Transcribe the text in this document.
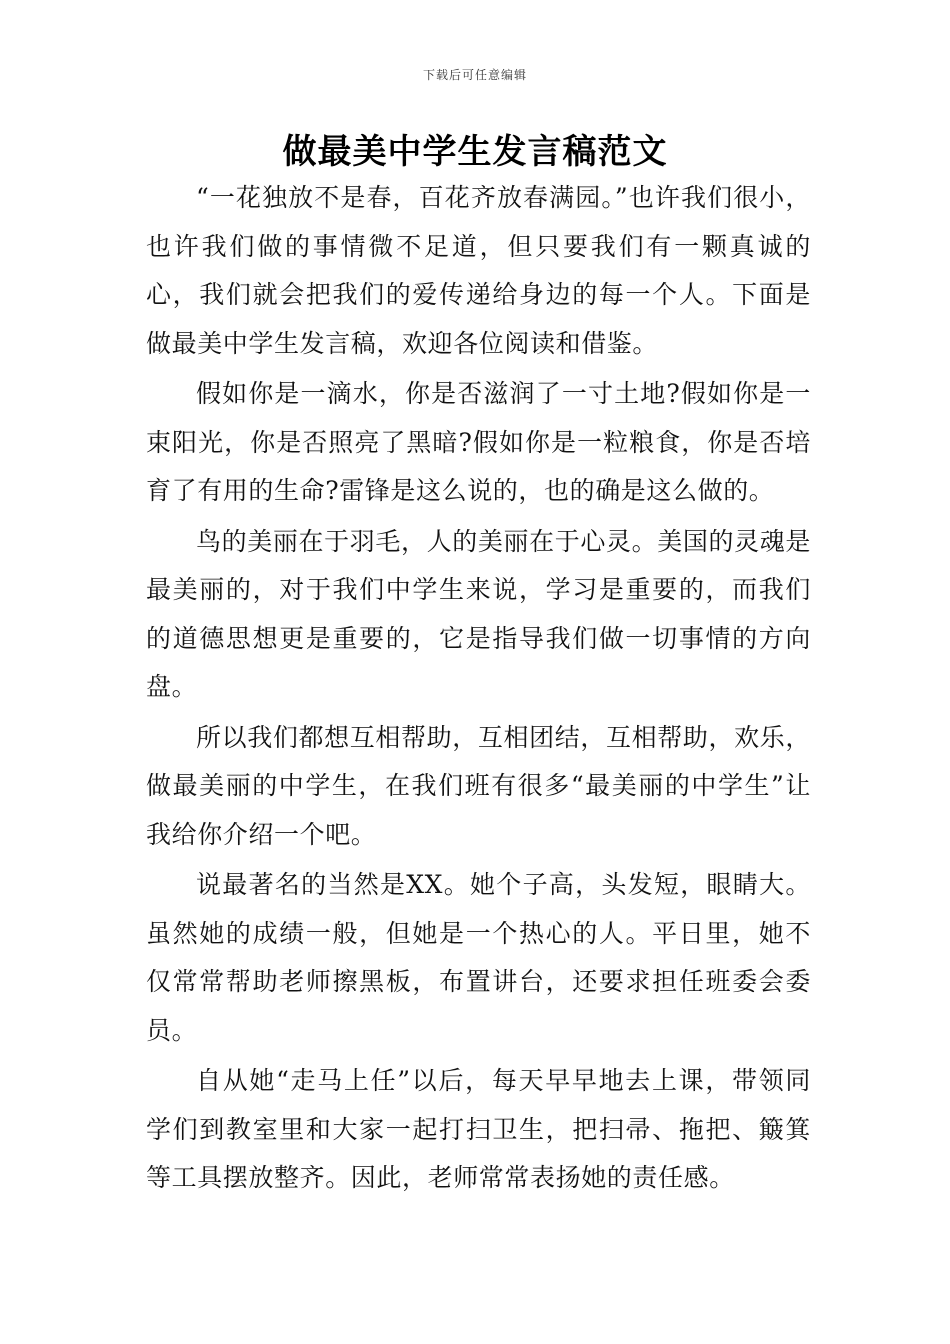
下载后可任意编辑
做最美中学生发言稿范文

“一花独放不是春，百花齐放春满园。”也许我们很小，也许我们做的事情微不足道，但只要我们有一颗真诚的心，我们就会把我们的爱传递给身边的每一个人。下面是做最美中学生发言稿，欢迎各位阅读和借鉴。

假如你是一滴水，你是否滋润了一寸土地?假如你是一束阳光，你是否照亮了黑暗?假如你是一粒粮食，你是否培育了有用的生命?雷锋是这么说的，也的确是这么做的。

鸟的美丽在于羽毛，人的美丽在于心灵。美国的灵魂是最美丽的，对于我们中学生来说，学习是重要的，而我们的道德思想更是重要的，它是指导我们做一切事情的方向盘。

所以我们都想互相帮助，互相团结，互相帮助，欢乐，做最美丽的中学生，在我们班有很多“最美丽的中学生”让我给你介绍一个吧。

说最著名的当然是XX。她个子高，头发短，眼睛大。虽然她的成绩一般，但她是一个热心的人。平日里，她不仅常常帮助老师擦黑板，布置讲台，还要求担任班委会委员。

自从她“走马上任”以后，每天早早地去上课，带领同学们到教室里和大家一起打扫卫生，把扫帚、拖把、簸箕等工具摆放整齐。因此，老师常常表扬她的责任感。
